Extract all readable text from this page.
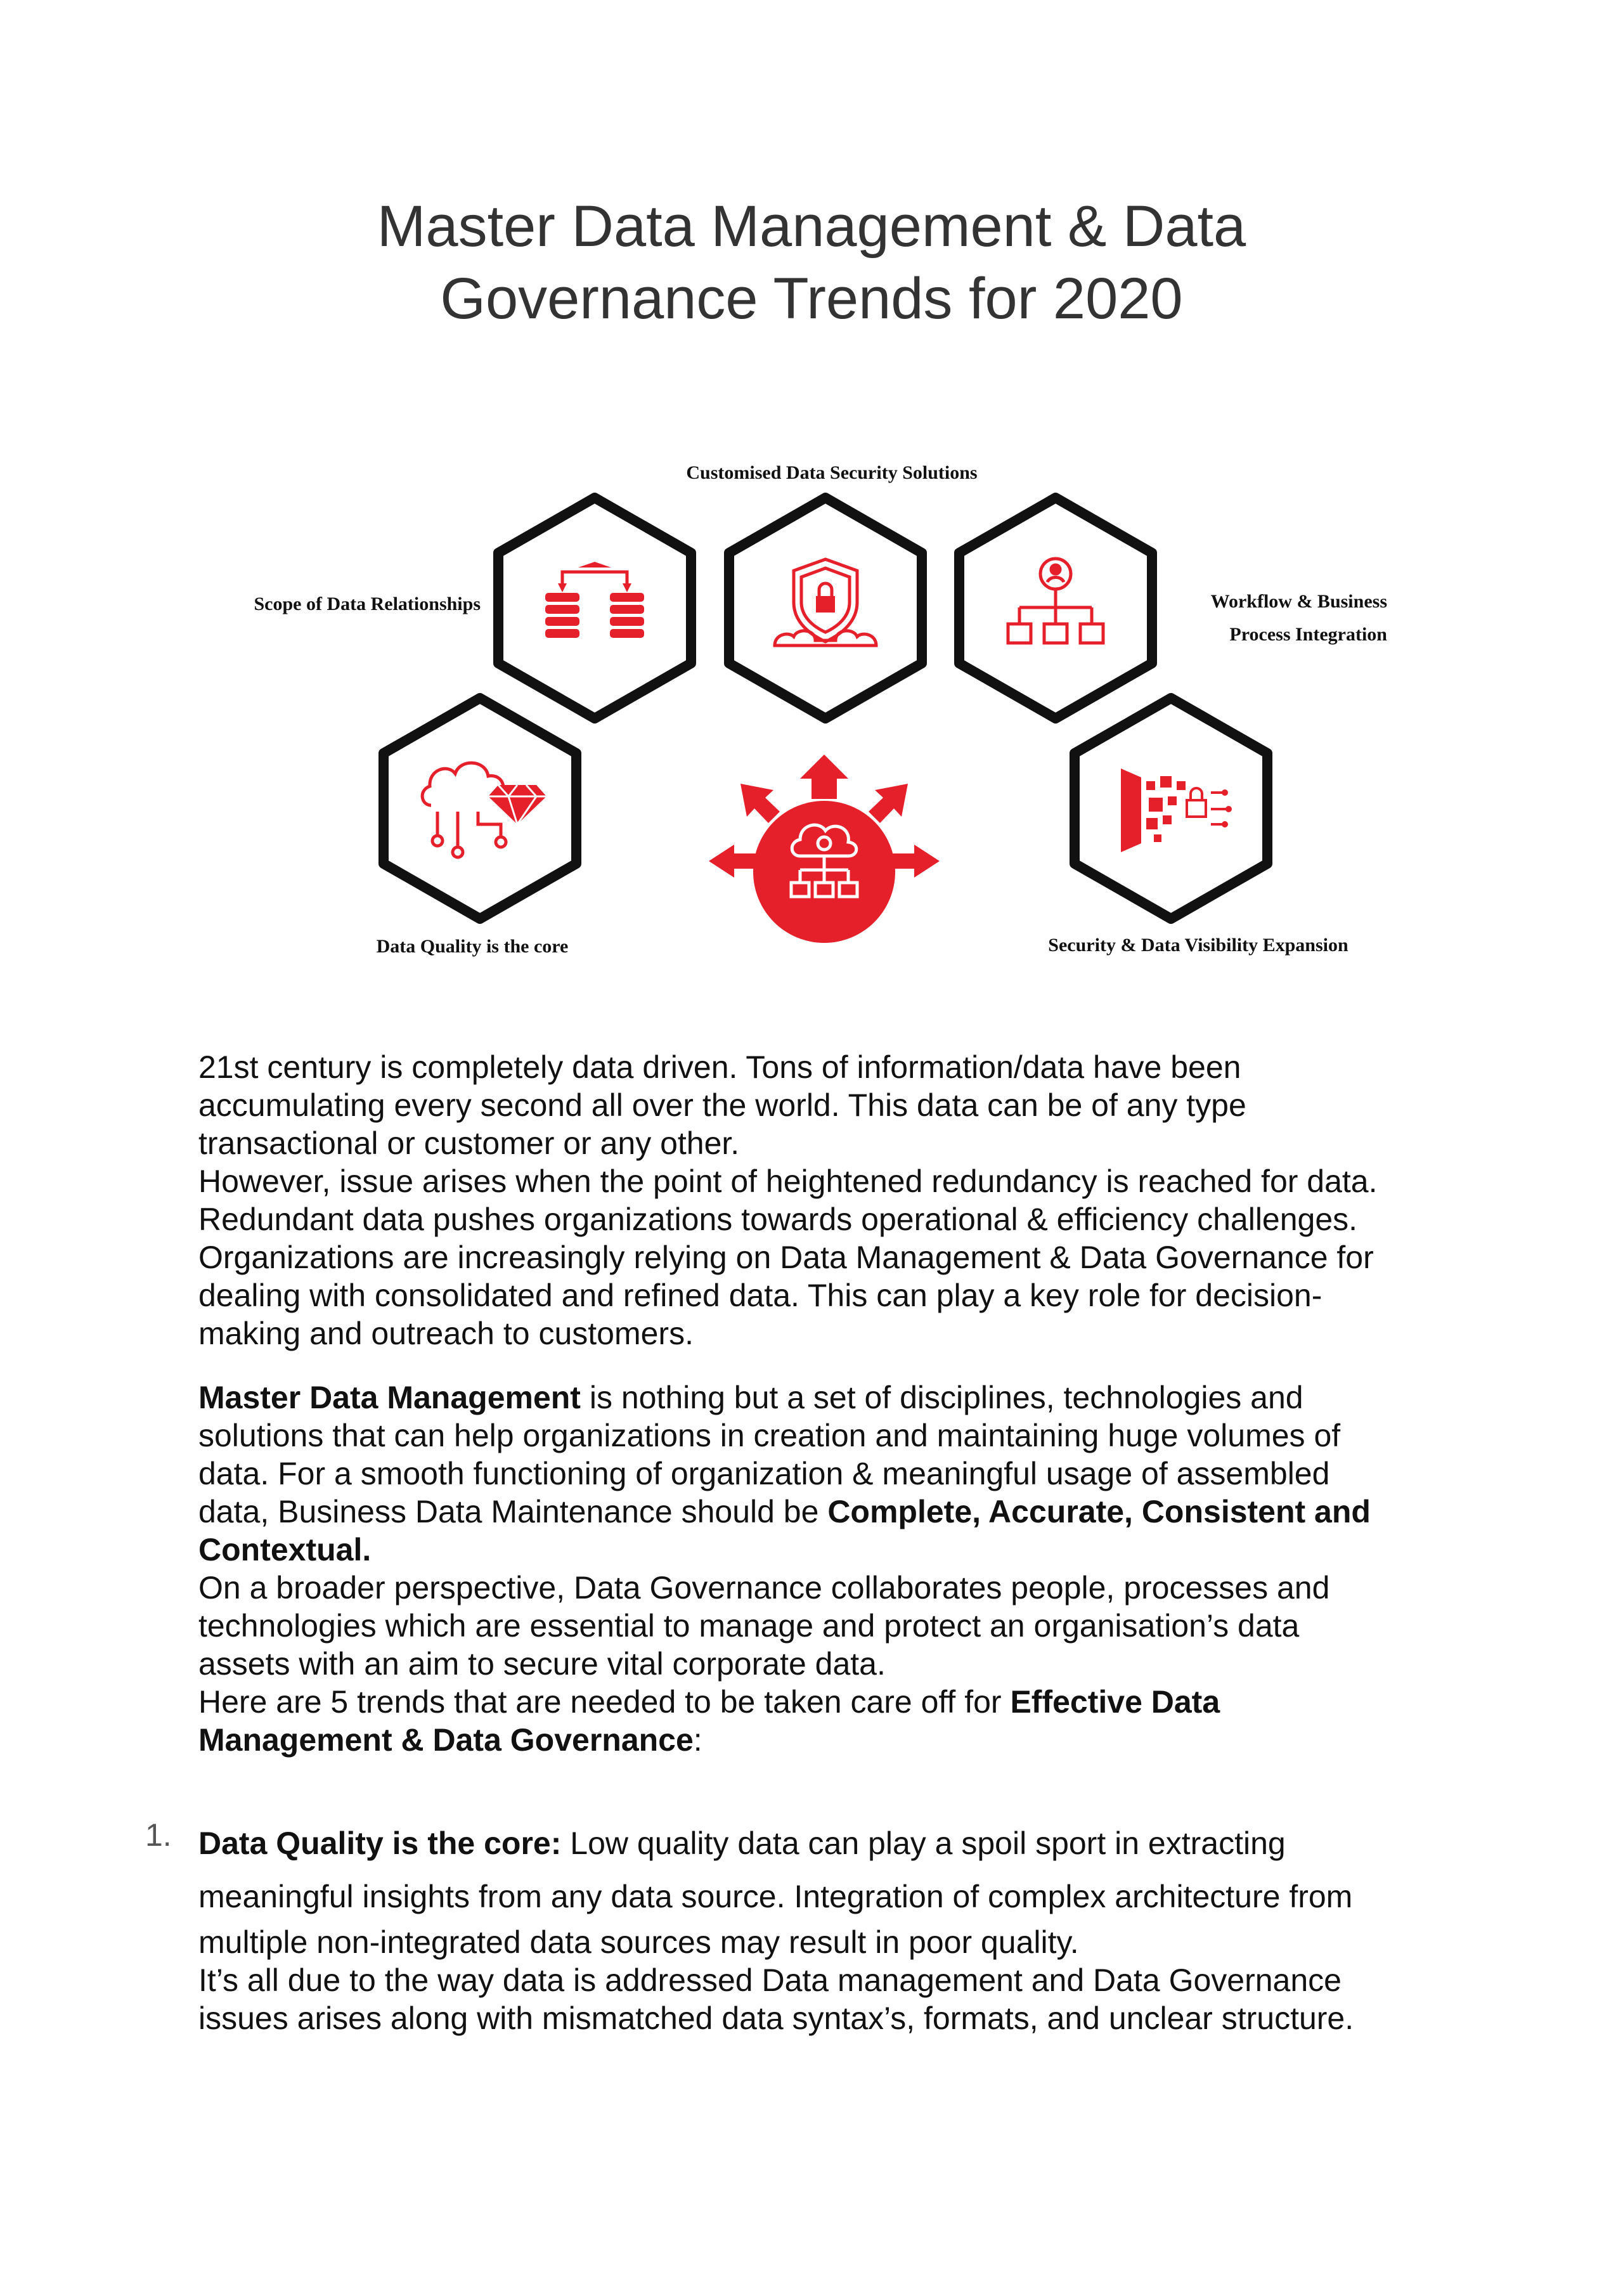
Master Data Management & Data
Governance Trends for 2020
Customised Data Security Solutions
Scope of Data Relationships	Workflow & Business
Process Integration
Data Quality is the core	Security & Data Visibility Expansion

21st century is completely data driven. Tons of information/data have been

accumulating every second all over the world. This data can be of any type

transactional or customer or any other.

However, issue arises when the point of heightened redundancy is reached for data.

Redundant data pushes organizations towards operational & efficiency challenges.

Organizations are increasingly relying on Data Management & Data Governance for

dealing with consolidated and refined data. This can play a key role for decision-

making and outreach to customers.

Master Data Management is nothing but a set of disciplines, technologies and

solutions that can help organizations in creation and maintaining huge volumes of

data. For a smooth functioning of organization & meaningful usage of assembled

data, Business Data Maintenance should be Complete, Accurate, Consistent and

Contextual.

On a broader perspective, Data Governance collaborates people, processes and

technologies which are essential to manage and protect an organisation’s data

assets with an aim to secure vital corporate data.

Here are 5 trends that are needed to be taken care off for Effective Data

Management & Data Governance:

1. Data Quality is the core: Low quality data can play a spoil sport in extracting
meaningful insights from any data source. Integration of complex architecture from
multiple non-integrated data sources may result in poor quality.
It’s all due to the way data is addressed Data management and Data Governance
issues arises along with mismatched data syntax’s, formats, and unclear structure.
